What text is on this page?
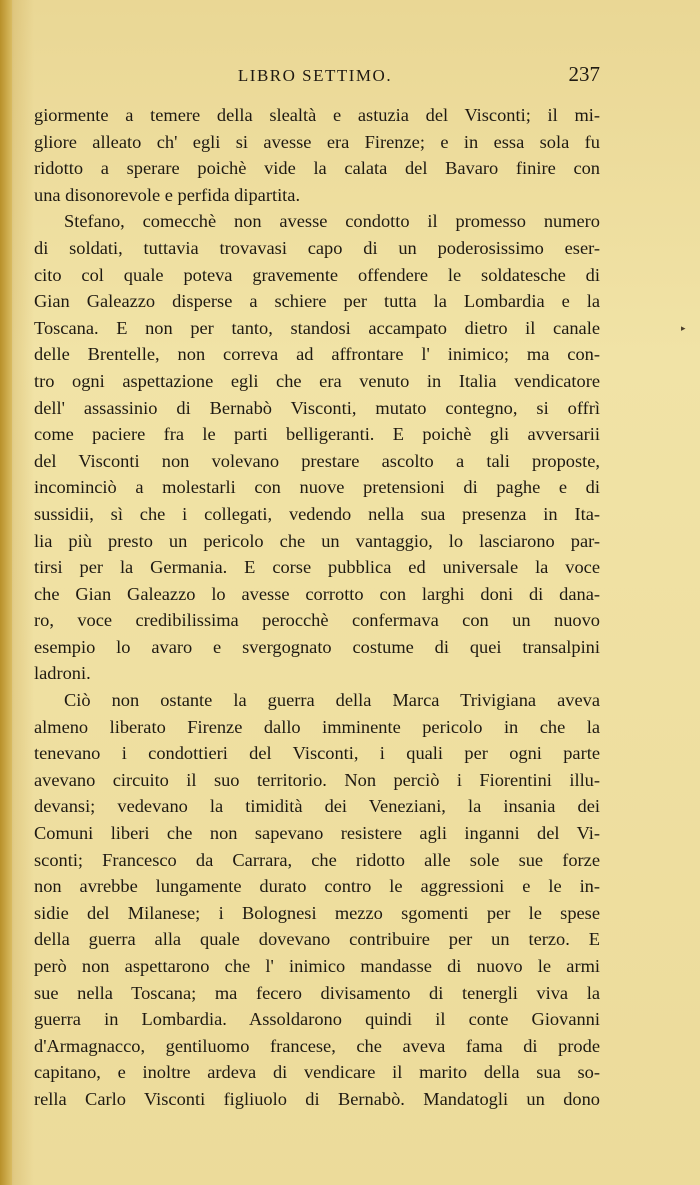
LIBRO SETTIMO.	237
▸
giormente a temere della slealtà e astuzia del Visconti; il mi-
gliore alleato ch' egli si avesse era Firenze; e in essa sola fu
ridotto a sperare poichè vide la calata del Bavaro finire con
una disonorevole e perfida dipartita.
Stefano, comecchè non avesse condotto il promesso numero
di soldati, tuttavia trovavasi capo di un poderosissimo eser-
cito col quale poteva gravemente offendere le soldatesche di
Gian Galeazzo disperse a schiere per tutta la Lombardia e la
Toscana. E non per tanto, standosi accampato dietro il canale
delle Brentelle, non correva ad affrontare l' inimico; ma con-
tro ogni aspettazione egli che era venuto in Italia vendicatore
dell' assassinio di Bernabò Visconti, mutato contegno, si offrì
come paciere fra le parti belligeranti. E poichè gli avversarii
del Visconti non volevano prestare ascolto a tali proposte,
incominciò a molestarli con nuove pretensioni di paghe e di
sussidii, sì che i collegati, vedendo nella sua presenza in Ita-
lia più presto un pericolo che un vantaggio, lo lasciarono par-
tirsi per la Germania. E corse pubblica ed universale la voce
che Gian Galeazzo lo avesse corrotto con larghi doni di dana-
ro, voce credibilissima perocchè confermava con un nuovo
esempio lo avaro e svergognato costume di quei transalpini
ladroni.
Ciò non ostante la guerra della Marca Trivigiana aveva
almeno liberato Firenze dallo imminente pericolo in che la
tenevano i condottieri del Visconti, i quali per ogni parte
avevano circuito il suo territorio. Non perciò i Fiorentini illu-
devansi; vedevano la timidità dei Veneziani, la insania dei
Comuni liberi che non sapevano resistere agli inganni del Vi-
sconti; Francesco da Carrara, che ridotto alle sole sue forze
non avrebbe lungamente durato contro le aggressioni e le in-
sidie del Milanese; i Bolognesi mezzo sgomenti per le spese
della guerra alla quale dovevano contribuire per un terzo. E
però non aspettarono che l' inimico mandasse di nuovo le armi
sue nella Toscana; ma fecero divisamento di tenergli viva la
guerra in Lombardia. Assoldarono quindi il conte Giovanni
d'Armagnacco, gentiluomo francese, che aveva fama di prode
capitano, e inoltre ardeva di vendicare il marito della sua so-
rella Carlo Visconti figliuolo di Bernabò. Mandatogli un dono
